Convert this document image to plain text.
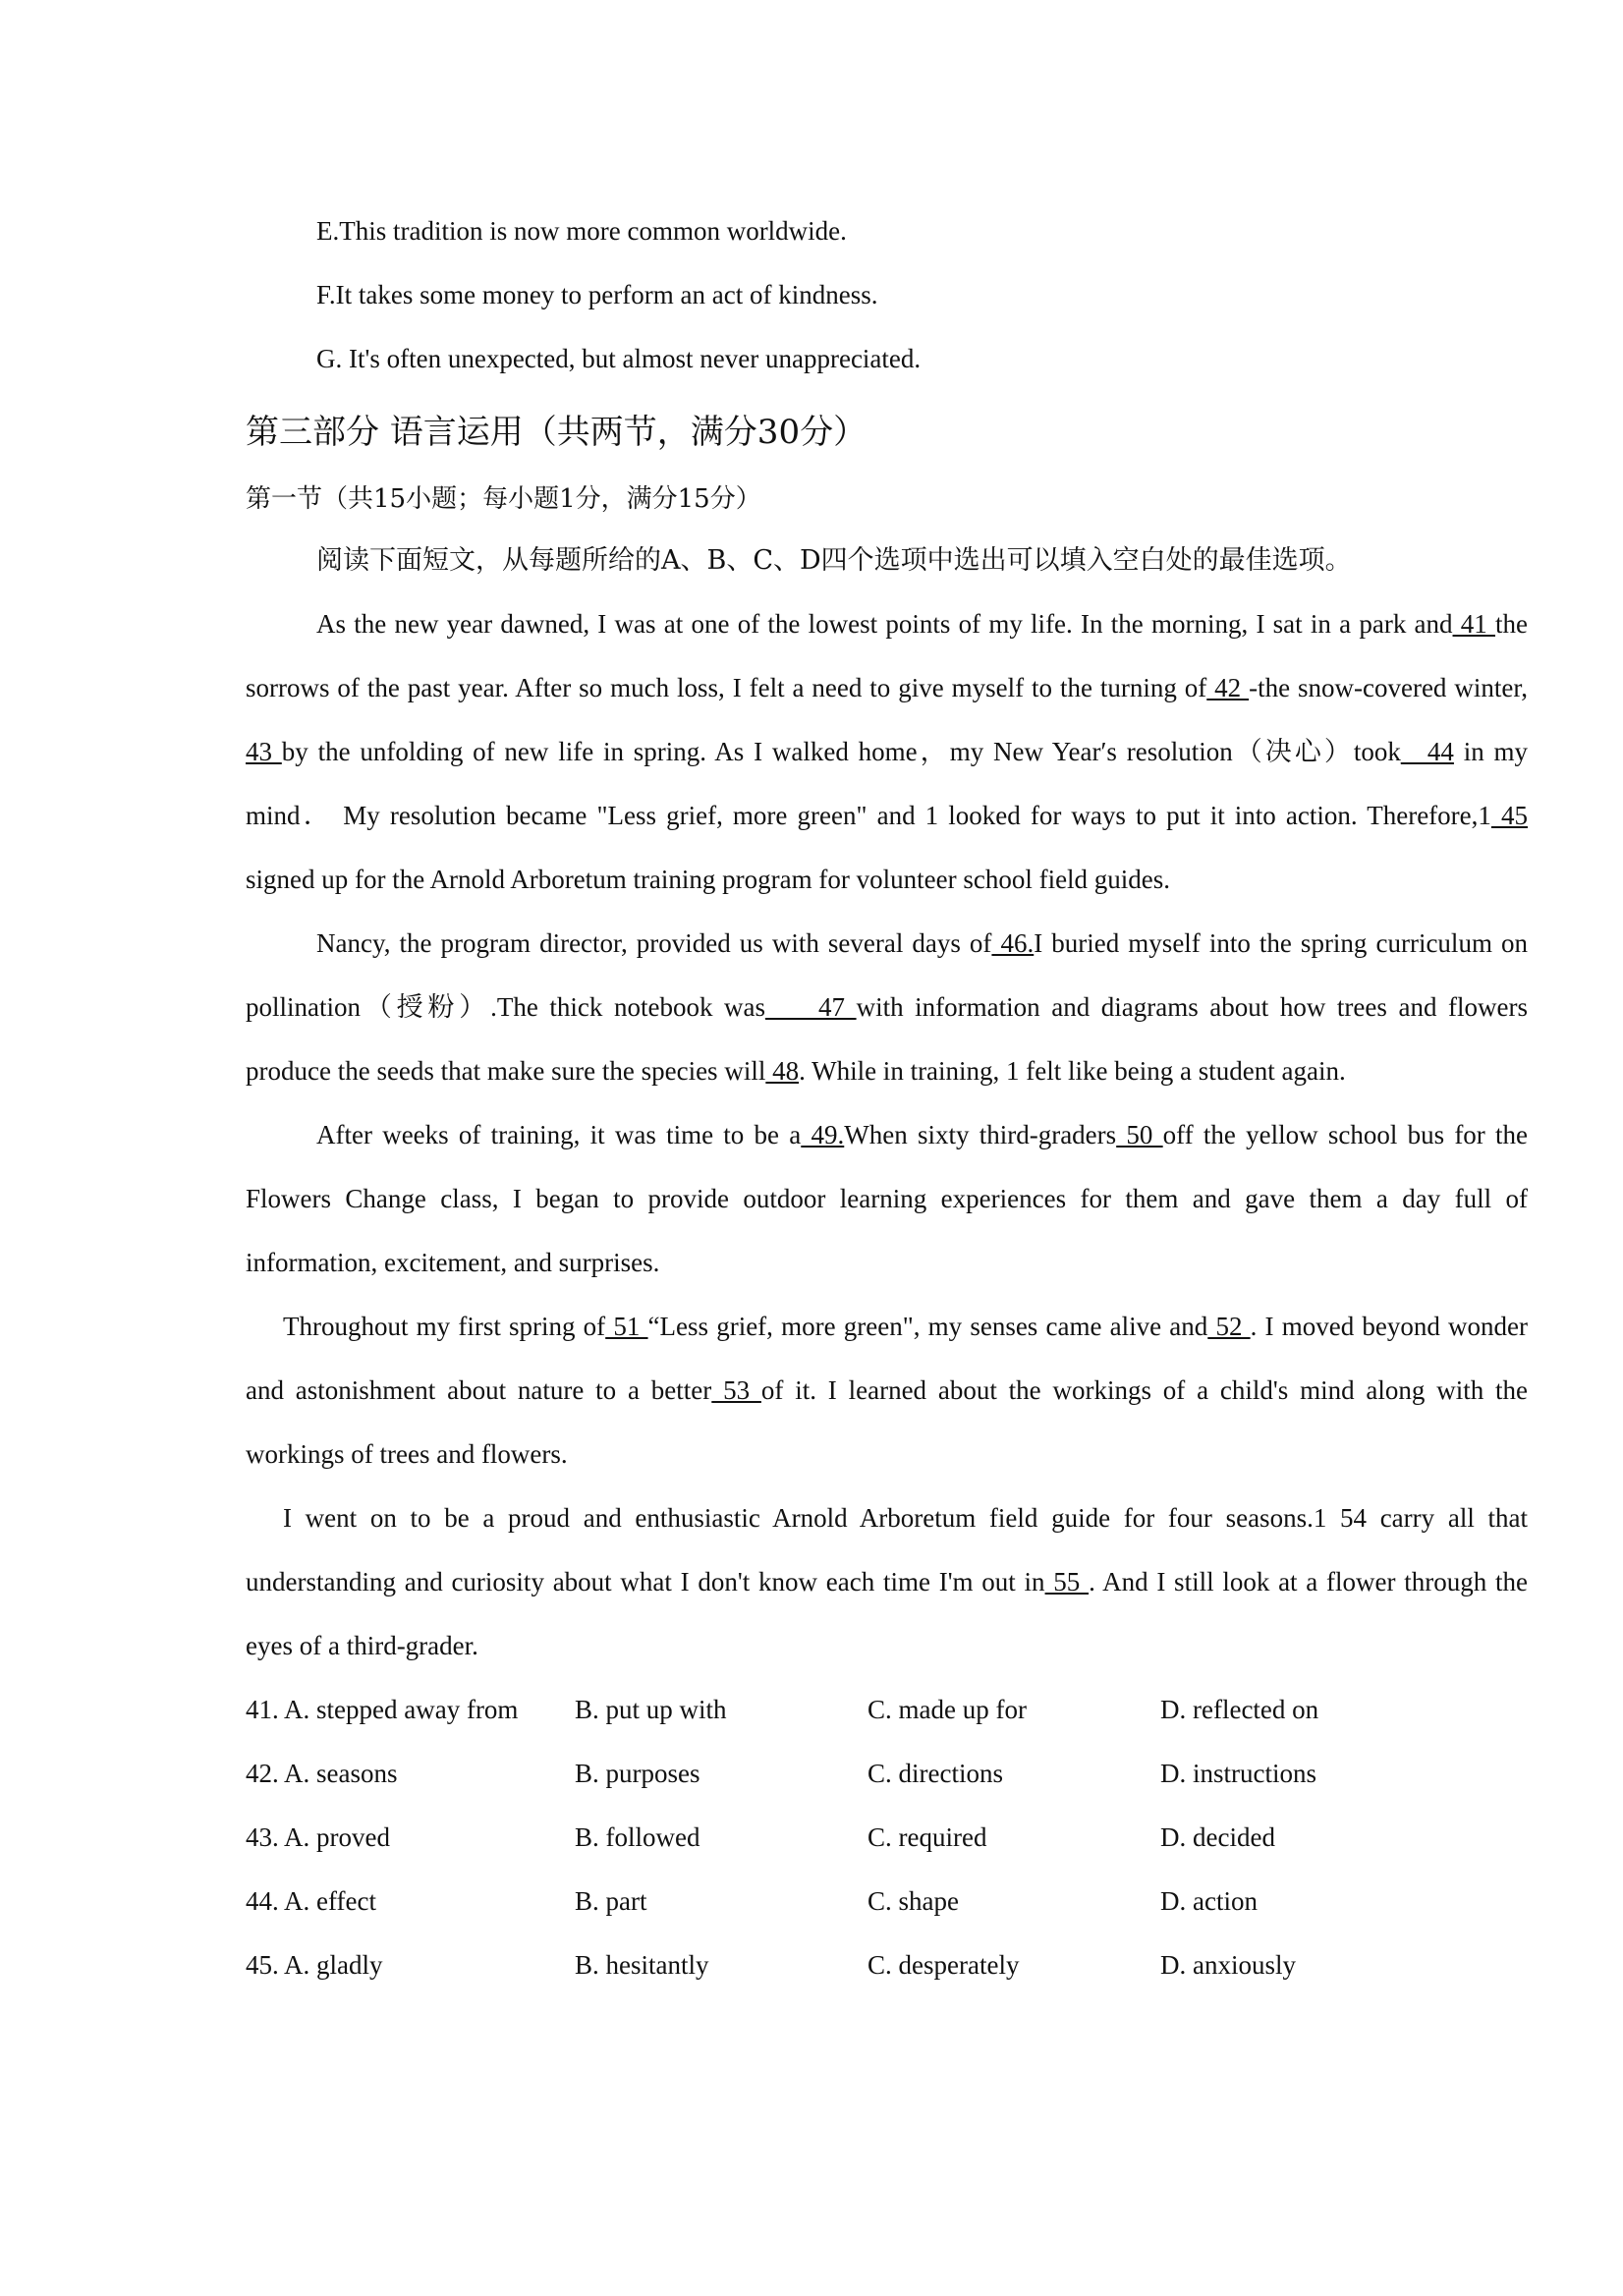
E.This tradition is now more common worldwide.
F.It takes some money to perform an act of kindness.
G. It's often unexpected, but almost never unappreciated.
第三部分 语言运用（共两节，满分30分）
第一节（共15小题；每小题1分，满分15分）
阅读下面短文，从每题所给的A、B、C、D四个选项中选出可以填入空白处的最佳选项。
As the new year dawned, I was at one of the lowest points of my life. In the morning, I sat in a park and 41 the sorrows of the past year. After so much loss, I felt a need to give myself to the turning of 42 -the snow-covered winter, 43 by the unfolding of new life in spring. As I walked home，my New Year′s resolution（决心）took__44 in my mind． My resolution became "Less grief, more green" and 1 looked for ways to put it into action. Therefore,1 45 signed up for the Arnold Arboretum training program for volunteer school field guides.
Nancy, the program director, provided us with several days of 46.I buried myself into the spring curriculum on pollination（授粉）.The thick notebook was____47 with information and diagrams about how trees and flowers produce the seeds that make sure the species will 48. While in training, 1 felt like being a student again.
After weeks of training, it was time to be a 49.When sixty third-graders 50 off the yellow school bus for the Flowers Change class, I began to provide outdoor learning experiences for them and gave them a day full of information, excitement, and surprises.
Throughout my first spring of 51 “Less grief, more green", my senses came alive and 52 . I moved beyond wonder and astonishment about nature to a better 53 of it. I learned about the workings of a child's mind along with the workings of trees and flowers.
I went on to be a proud and enthusiastic Arnold Arboretum field guide for four seasons.1 54 carry all that understanding and curiosity about what I don't know each time I'm out in 55 . And I still look at a flower through the eyes of a third-grader.
41. A. stepped away from	B. put up with	C. made up for	D. reflected on
42. A. seasons	B. purposes	C. directions	D. instructions
43. A. proved	B. followed	C. required	D. decided
44. A. effect	B. part	C. shape	D. action
45. A. gladly	B. hesitantly	C. desperately	D. anxiously
